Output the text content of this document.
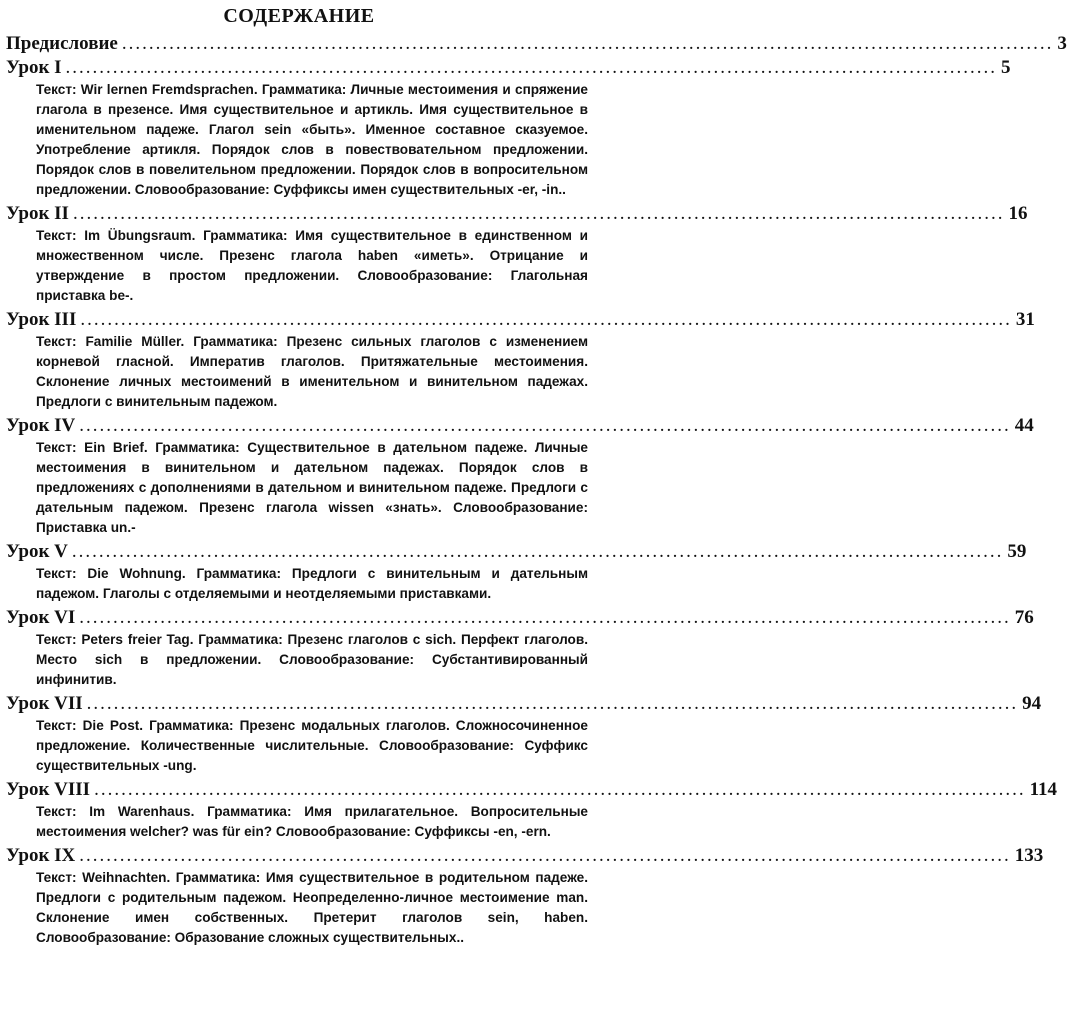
СОДЕРЖАНИЕ
Предисловие .......................................................................................................................................... 3
Урок I .......................................................................................................................................... 5
Текст: Wir lernen Fremdsprachen. Грамматика: Личные местоимения и спряжение глагола в презенсе. Имя существительное и артикль. Имя существительное в именительном падеже. Глагол sein «быть». Именное составное сказуемое. Употребление артикля. Порядок слов в повествовательном предложении. Порядок слов в повелительном предложении. Порядок слов в вопросительном предложении. Словообразование: Суффиксы имен существительных -er, -in..
Урок II .......................................................................................................................................... 16
Текст: Im Übungsraum. Грамматика: Имя существительное в единственном и множественном числе. Презенс глагола haben «иметь». Отрицание и утверждение в простом предложении. Словообразование: Глагольная приставка be-.
Урок III .......................................................................................................................................... 31
Текст: Familie Müller. Грамматика: Презенс сильных глаголов с изменением корневой гласной. Императив глаголов. Притяжательные местоимения. Склонение личных местоимений в именительном и винительном падежах. Предлоги с винительным падежом.
Урок IV .......................................................................................................................................... 44
Текст: Ein Brief. Грамматика: Существительное в дательном падеже. Личные местоимения в винительном и дательном падежах. Порядок слов в предложениях с дополнениями в дательном и винительном падеже. Предлоги с дательным падежом. Презенс глагола wissen «знать». Словообразование: Приставка un.-
Урок V .......................................................................................................................................... 59
Текст: Die Wohnung. Грамматика: Предлоги с винительным и дательным падежом. Глаголы с отделяемыми и неотделяемыми приставками.
Урок VI .......................................................................................................................................... 76
Текст: Peters freier Tag. Грамматика: Презенс глаголов с sich. Перфект глаголов. Место sich в предложении. Словообразование: Субстантивированный инфинитив.
Урок VII .......................................................................................................................................... 94
Текст: Die Post. Грамматика: Презенс модальных глаголов. Сложносочиненное предложение. Количественные числительные. Словообразование: Суффикс существительных -ung.
Урок VIII .......................................................................................................................................... 114
Текст: Im Warenhaus. Грамматика: Имя прилагательное. Вопросительные местоимения welcher? was für ein? Словообразование: Суффиксы -en, -ern.
Урок IX .......................................................................................................................................... 133
Текст: Weihnachten. Грамматика: Имя существительное в родительном падеже. Предлоги с родительным падежом. Неопределенно-личное местоимение man. Склонение имен собственных. Претерит глаголов sein, haben. Словообразование: Образование сложных существительных..
